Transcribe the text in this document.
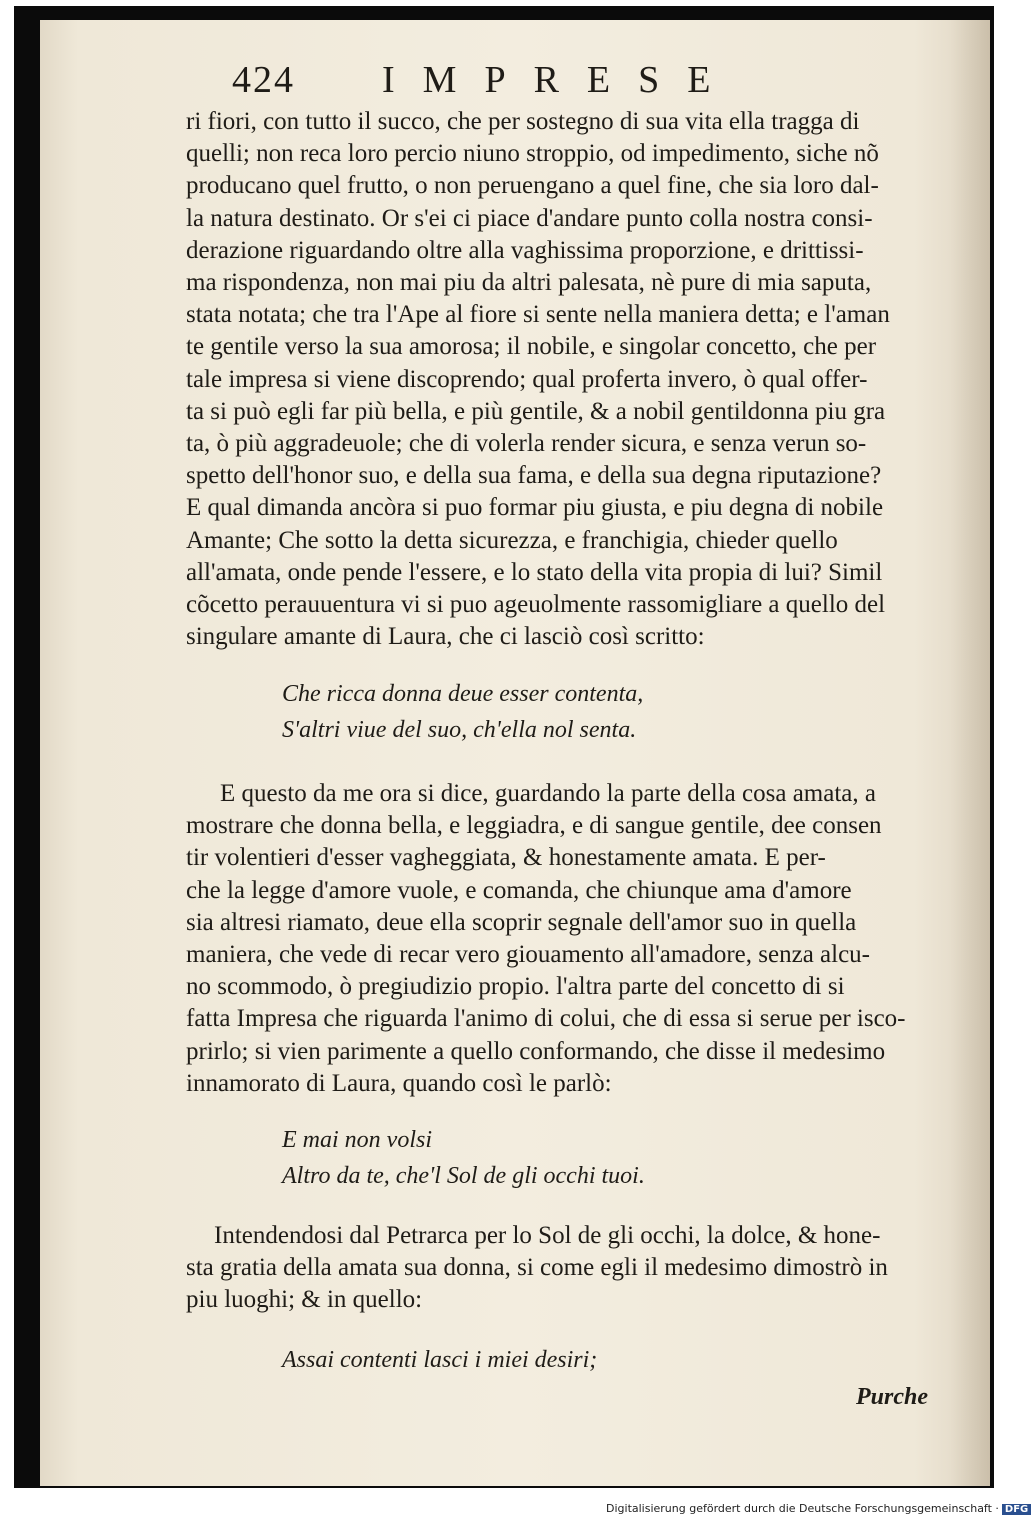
424 IMPRESE

ri fiori, con tutto il succo, che per sostegno di sua vita ella tragga di

quelli; non reca loro percio niuno stroppio, od impedimento, siche nõ

producano quel frutto, o non peruengano a quel fine, che sia loro dal-

la natura destinato. Or s'ei ci piace d'andare punto colla nostra consi-

derazione riguardando oltre alla vaghissima proporzione, e drittissi-

ma rispondenza, non mai piu da altri palesata, nè pure di mia saputa,

stata notata; che tra l'Ape al fiore si sente nella maniera detta; e l'aman

te gentile verso la sua amorosa; il nobile, e singolar concetto, che per

tale impresa si viene discoprendo; qual proferta invero, ò qual offer-

ta si può egli far più bella, e più gentile, & a nobil gentildonna piu gra

ta, ò più aggradeuole; che di volerla render sicura, e senza verun so-

spetto dell'honor suo, e della sua fama, e della sua degna riputazione?

E qual dimanda ancòra si puo formar piu giusta, e piu degna di nobile

Amante; Che sotto la detta sicurezza, e franchigia, chieder quello

all'amata, onde pende l'essere, e lo stato della vita propia di lui? Simil

cõcetto perauuentura vi si puo ageuolmente rassomigliare a quello del

singulare amante di Laura, che ci lasciò così scritto:

Che ricca donna deue esser contenta,
S'altri viue del suo, ch'ella nol senta.

E questo da me ora si dice, guardando la parte della cosa amata, a

mostrare che donna bella, e leggiadra, e di sangue gentile, dee consen

tir volentieri d'esser vagheggiata, & honestamente amata. E per-

che la legge d'amore vuole, e comanda, che chiunque ama d'amore

sia altresi riamato, deue ella scoprir segnale dell'amor suo in quella

maniera, che vede di recar vero giouamento all'amadore, senza alcu-

no scommodo, ò pregiudizio propio. l'altra parte del concetto di si

fatta Impresa che riguarda l'animo di colui, che di essa si serue per isco-

prirlo; si vien parimente a quello conformando, che disse il medesimo

innamorato di Laura, quando così le parlò:

E mai non volsi
Altro da te, che'l Sol de gli occhi tuoi.

Intendendosi dal Petrarca per lo Sol de gli occhi, la dolce, & hone-

sta gratia della amata sua donna, si come egli il medesimo dimostrò in

piu luoghi; & in quello:

Assai contenti lasci i miei desiri;
Purche
Digitalisierung gefördert durch die Deutsche Forschungsgemeinschaft · DFG
